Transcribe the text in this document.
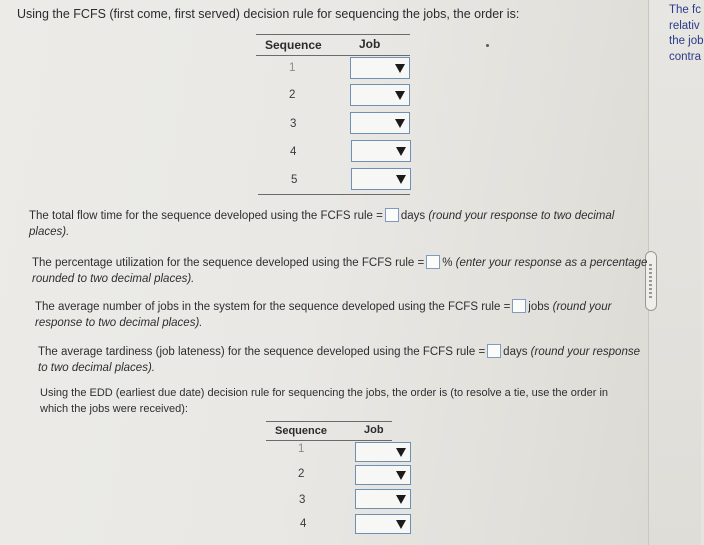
The fc
relativ
the job
contra
Using the FCFS (first come, first served) decision rule for sequencing the jobs, the order is:
Sequence	Job
1
2
3
4
5
The total flow time for the sequence developed using the FCFS rule = days (round your response to two decimal
places).
The percentage utilization for the sequence developed using the FCFS rule = % (enter your response as a percentage
rounded to two decimal places).
The average number of jobs in the system for the sequence developed using the FCFS rule = jobs (round your
response to two decimal places).
The average tardiness (job lateness) for the sequence developed using the FCFS rule = days (round your response
to two decimal places).
Using the EDD (earliest due date) decision rule for sequencing the jobs, the order is (to resolve a tie, use the order in
which the jobs were received):
Sequence	Job
1
2
3
4
